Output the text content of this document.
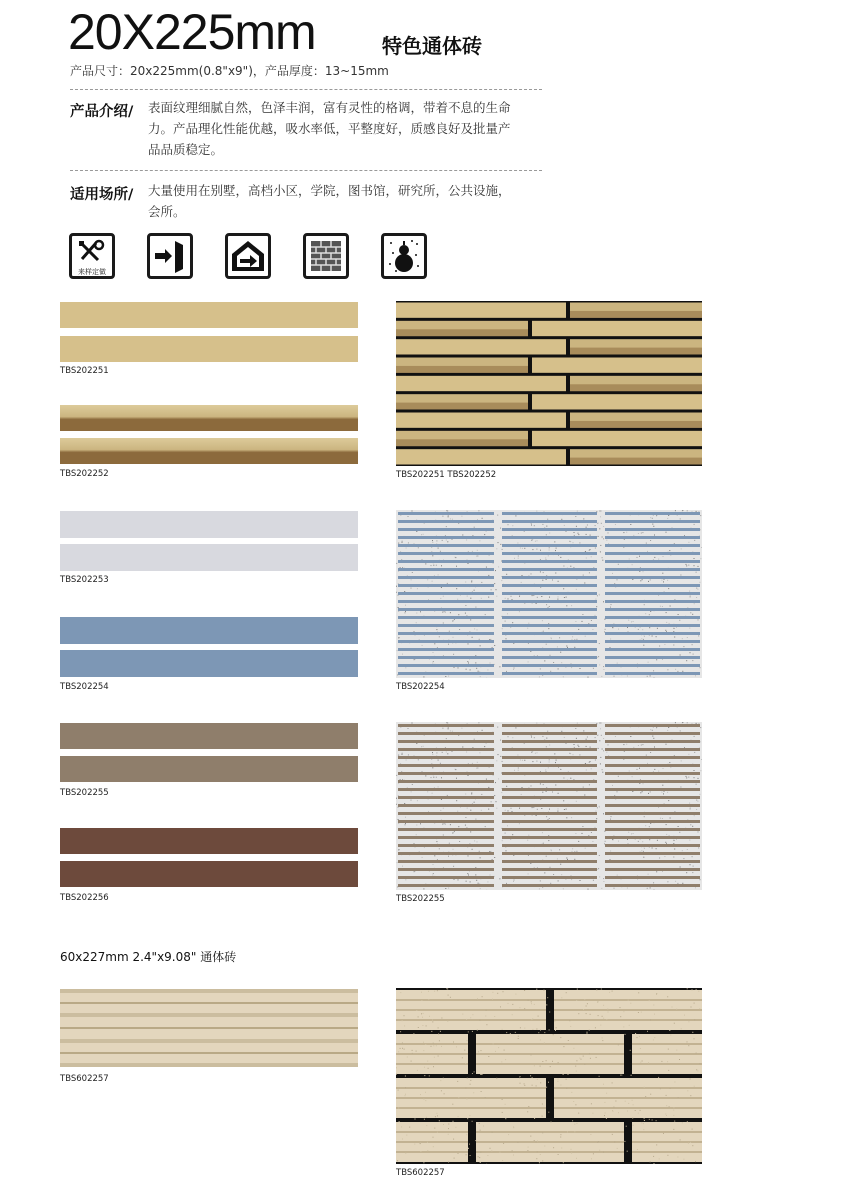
20X225mm	特色通体砖
产品尺寸：20x225mm(0.8"x9")，产品厚度：13~15mm
产品介绍/ 表面纹理细腻自然，色泽丰润，富有灵性的格调，带着不息的生命
力。产品理化性能优越，吸水率低，平整度好，质感良好及批量产
品品质稳定。
适用场所/ 大量使用在别墅，高档小区，学院，图书馆，研究所，公共设施，
会所。
来样定做
TBS202251
TBS202252
TBS202253
TBS202254
TBS202255
TBS202256
60x227mm 2.4"x9.08" 通体砖
TBS602257
TBS202251 TBS202252
TBS202254
TBS202255
TBS602257
